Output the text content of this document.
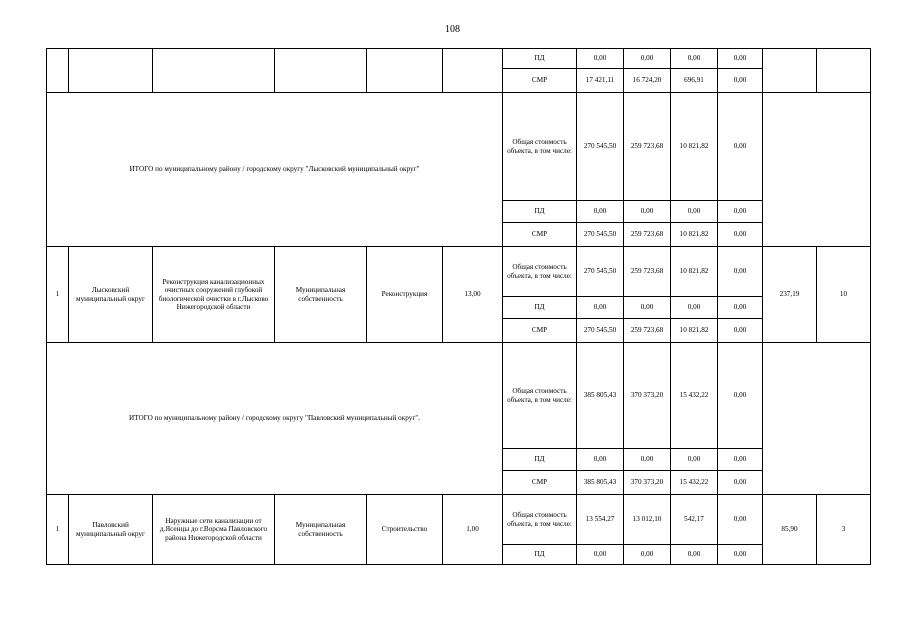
108
						ПД	0,00	0,00	0,00	0,00		
						СМР	17 421,11	16 724,20	696,91	0,00		
ИТОГО по муниципальному району / городскому округу "Лысковский муниципальный округ"						Общая стоимость объекта, в том числе:	270 545,50	259 723,68	10 821,82	0,00		
						ПД	0,00	0,00	0,00	0,00		
						СМР	270 545,50	259 723,68	10 821,82	0,00		
1	Лысковский муниципальный округ	Реконструкция канализационных очистных сооружений глубокой биологической очистки в г.Лысково Нижегородской области	Муниципальная собственность	Реконструкция	13,00	Общая стоимость объекта, в том числе:	270 545,50	259 723,68	10 821,82	0,00	237,19	10
						ПД	0,00	0,00	0,00	0,00		
						СМР	270 545,50	259 723,68	10 821,82	0,00		
ИТОГО по муниципальному району / городскому округу "Павловский муниципальный округ".						Общая стоимость объекта, в том числе:	385 805,43	370 373,20	15 432,22	0,00		
						ПД	0,00	0,00	0,00	0,00		
						СМР	385 805,43	370 373,20	15 432,22	0,00		
1	Павловский муниципальный округ	Наружные сети канализации от д.Ясенцы до г.Ворсма Павловского района Нижегородской области	Муниципальная собственность	Строительство	1,00	Общая стоимость объекта, в том числе:	13 554,27	13 012,10	542,17	0,00	85,90	3
						ПД	0,00	0,00	0,00	0,00		
